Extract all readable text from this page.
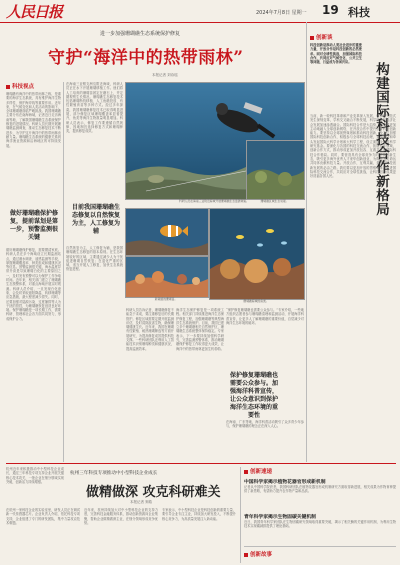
人民日报	2024年7月8日 星期一 19 科技
进一步加强珊瑚礁生态系统保护修复
守护“海洋中的热带雨林”
本报记者 刘诗瑶
科技视点
珊瑚礁有海洋中的热带雨林之称，是重要的海洋生态系统，具有维护海洋生物多样性、保护海岸线等重要作用。近年来，在气候变化和人类活动的影响下，全球珊瑚礁面临严峻挑战。我国珊瑚礁主要分布在南海海域，记者近日走访海南等地，了解我国珊瑚礁生态系统保护修复的进展情况。科研人员长期开展珊瑚礁监测调查，推动生态修复技术不断进步，为守护这片海洋中的热带雨林贡献力量。珊瑚礁生态系统的健康关系到海洋渔业资源和沿海地区的可持续发展。
做好珊瑚礁保护修复，提前谋划是第一步，预警监测很关键
做好珊瑚礁保护修复，需要摸清家底。科研人员在多个海域设立长期监测站点，通过潜水调查、遥感监测等手段，掌握珊瑚覆盖率、种类组成和健康状况等信息。预警监测很关键，海水温度异常升高是导致珊瑚白化的主要原因之一，及时发布预警可以为保护工作争取时间。近年来，相关部门建立了珊瑚礁生态预警体系，对重点海域开展实时观测。科研人员介绍，一旦发现白化迹象，会及时采取遮阳降温、转移珊瑚等应急措施，最大程度减少损失。同时，还要加强对陆源污染、过度捕捞等人为干扰的管控，为珊瑚礁恢复创造良好环境。保护珊瑚礁是一项长期工作，需要科研、管理和社会各方面共同努力，形成保护合力。
在海南三亚蜈支洲岛附近海域，科研人员正在水下开展珊瑚移植工作。他们将人工培育的珊瑚苗固定在礁石上，并定期观察生长情况。珊瑚礁生态修复技术包括珊瑚断枝移植、人工鱼礁投放、有性繁殖育苗等多种方式。经过多年探索，我国珊瑚礁修复技术已取得明显进展，部分修复区域珊瑚覆盖率显著提升，鱼类等海洋生物数量明显增加。科研人员表示，修复工作要遵循自然规律，因地制宜选择修复方式和珊瑚种类，提高修复成效。
目前我国珊瑚礁生态修复以自然恢复为主，人工修复为辅
自然恢复为主，人工修复为辅，是我国珊瑚礁生态修复的基本原则。在生态环境较好的区域，主要通过减少人为干扰促进珊瑚自然恢复；在退化严重的区域，适当开展人工修复，加快生态系统恢复进程。
科研人员在海南三亚附近海域开展珊瑚礁生态监测调查。
新栽植的珊瑚苗。	珊瑚礁海域的鱼类。
珊瑚礁区域生态景观。
科研人员告诉记者，珊瑚礁修复不能急于求成，要注重修复后的长期管护。修复区域需要定期开展监测评估，及时清除敌害生物，确保珊瑚健康生长。近年来，我国在珊瑚有性繁殖、耐热珊瑚筛选等方面开展研究，为提高修复成效提供科技支撑。一些科研团队还利用人工智能技术识别珊瑚种类和健康状况，提高监测效率。
海洋生态保护修复是一项系统工程。相关部门持续推进海洋生态保护修复工程，加强珊瑚礁等典型海洋生态系统保护。目前，我国已建立多个珊瑚礁相关自然保护区，珊瑚礁生态系统整体保持稳定。专家表示，下一步要持续加强科学研究，完善监测预警体系，推动珊瑚礁保护修复工作取得更大成效，让海洋中的热带雨林更加生机勃勃。
保护修复珊瑚礁也需要公众参与。加强海洋科普宣传，让公众意识到保护海洋生态环境的重要性
“保护修复珊瑚礁也需要公众参与。”专家介绍，一些地方组织志愿者参与珊瑚礁清理和监测活动，开展海洋科普宣传，让更多人了解珊瑚礁的重要价值，自觉减少对海洋生态环境的破坏。
在海南、广东等地，海洋科普活动吸引了众多青少年参与，保护珊瑚礁的理念正在深入人心。
创新谈
科技创新是推动人类社会进步的重要力量，开放合作是科技创新的必然要求。面对全球性挑战，加强国际科技合作，共同应对气候变化、公共卫生等问题，日益成为各国共识。	构建国际科技合作新格局
当前，新一轮科技革命和产业变革深入发展，科学研究范式发生深刻变革，学科交叉融合不断发展，科学技术和经济社会发展加速渗透融合。国际科技合作是大趋势，我们要更加主动地融入全球创新网络，在开放合作中提升自身科技创新能力。要坚持以全球视野谋划和推动科技创新，全方位加强国际科技创新合作，积极参与全球科技治理，主动设计和牵头发起国际大科学计划和大科学工程，设立面向全球的科学研究基金。要深化与各国的科技交流合作，拓展合作领域，创新合作方式，推动形成更加开放包容、互惠共享的国际科技合作格局。同时，要营造具有全球竞争力的开放创新生态，吸引更多海外优秀人才来华创新创业，为构建人类命运共同体贡献科技力量。开放合作，互利共赢，是推动科技创新发展的必由之路。我们要以更加开放的思维和举措推进国际科技交流合作，共同应对全球性挑战，让科技创新成果更好造福各国人民。
杭州近年来积极推动中小型科技企业成长，通过三年科技专项支持企业开展关键核心技术攻关，一批企业在细分领域实现突破，创新活力持续增强。
杭州三年科技专项推动中小型科技企业成长
做精做深 攻克科研难关
本报记者 窦皓
在杭州一家科技企业的实验室里，研发人员正在调试新一代传感器芯片。企业负责人介绍，依托科技专项支持，企业组建了专门的研发团队，集中力量攻克技术难题。
近年来，杭州持续加大对中小型科技企业的支持力度，完善科技金融服务体系，推动创新资源向企业集聚，帮助企业做精做深主业，在细分领域形成竞争优势。
专家表示，中小型科技企业是科技创新的重要力量，要引导企业专注主业，持续加大研发投入，不断提升核心竞争力，为高质量发展注入新动能。
创新速递
中国科学家揭示植物花器官形成新机制
记者从中国科学院获悉，我国科研团队在植物花器官形成机制研究方面取得新进展，相关成果为作物育种提供了新思路，有望助力提升农作物产量和品质。
青年科学家揭示生物固碳关键机制
近日，我国青年科学家团队在生物固碳研究领域取得重要突破，揭示了相关酶的关键作用机制，为利用生物技术实现碳减排提供了理论基础。
创新故事
